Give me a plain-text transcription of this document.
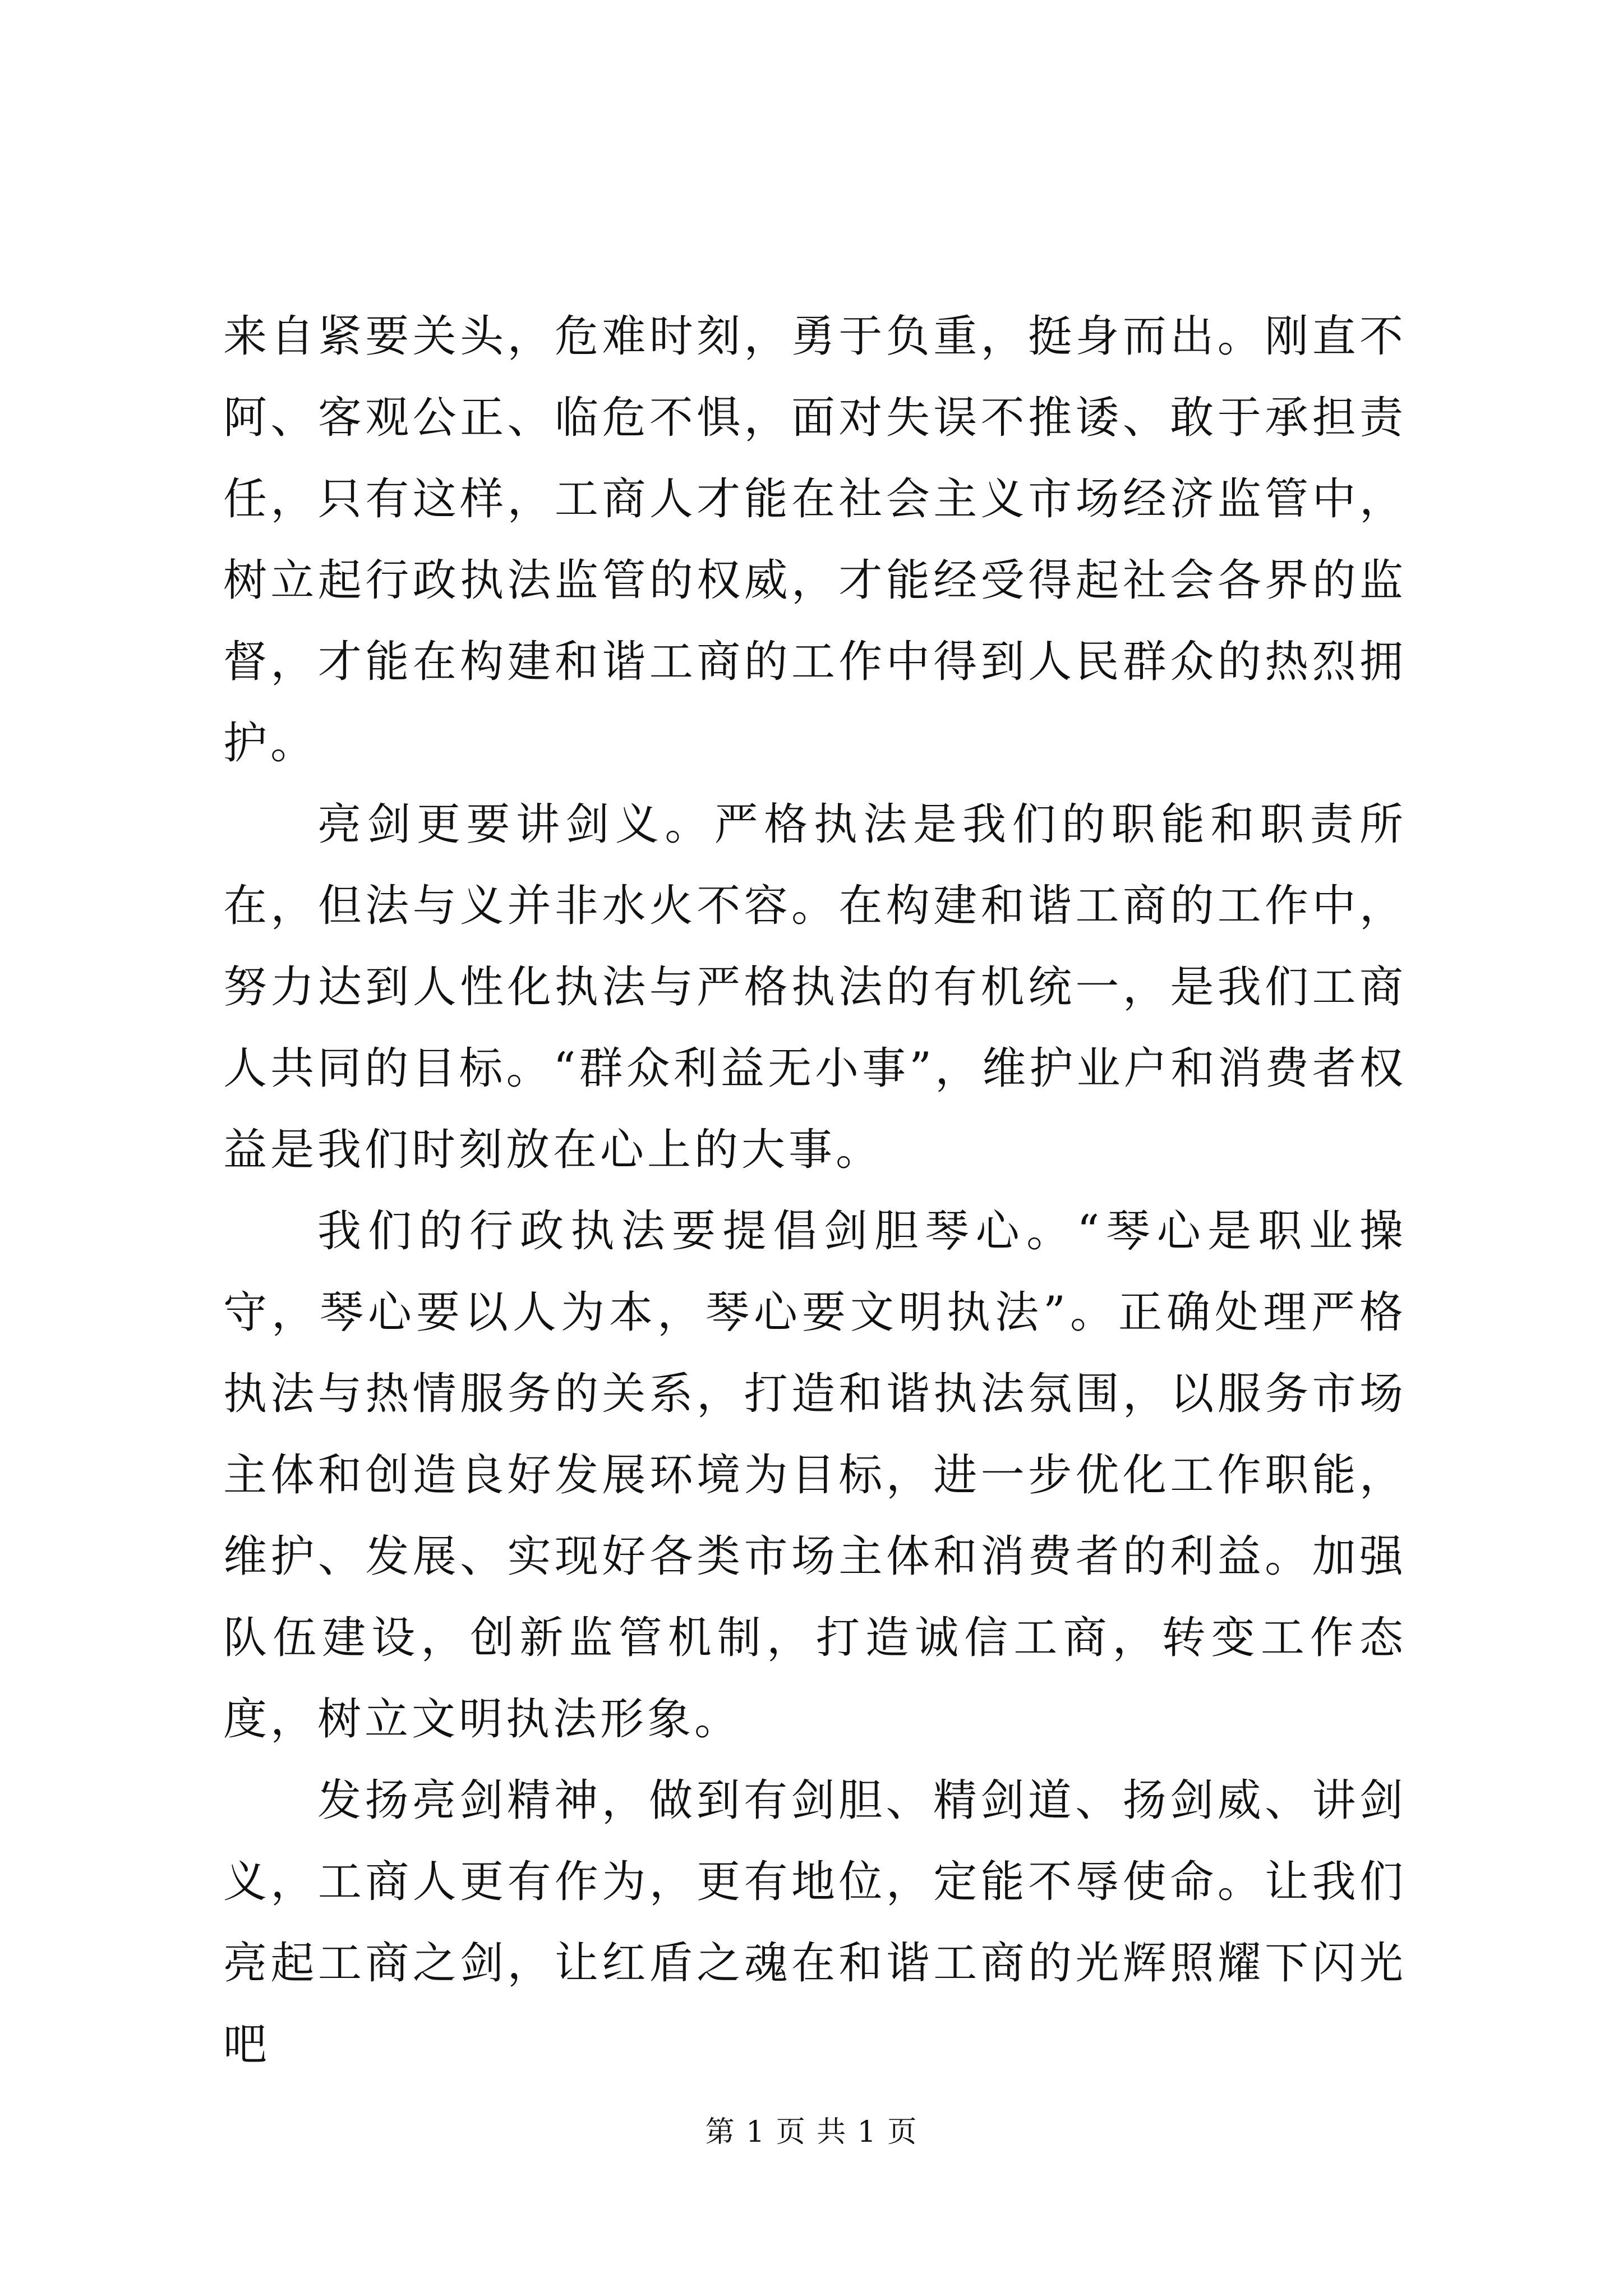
来自紧要关头，危难时刻，勇于负重，挺身而出。刚直不阿、客观公正、临危不惧，面对失误不推诿、敢于承担责任，只有这样，工商人才能在社会主义市场经济监管中，树立起行政执法监管的权威，才能经受得起社会各界的监督，才能在构建和谐工商的工作中得到人民群众的热烈拥护。

亮剑更要讲剑义。严格执法是我们的职能和职责所在，但法与义并非水火不容。在构建和谐工商的工作中，努力达到人性化执法与严格执法的有机统一，是我们工商人共同的目标。“群众利益无小事”，维护业户和消费者权益是我们时刻放在心上的大事。

我们的行政执法要提倡剑胆琴心。“琴心是职业操守，琴心要以人为本，琴心要文明执法”。正确处理严格执法与热情服务的关系，打造和谐执法氛围，以服务市场主体和创造良好发展环境为目标，进一步优化工作职能，维护、发展、实现好各类市场主体和消费者的利益。加强队伍建设，创新监管机制，打造诚信工商，转变工作态度，树立文明执法形象。

发扬亮剑精神，做到有剑胆、精剑道、扬剑威、讲剑义，工商人更有作为，更有地位，定能不辱使命。让我们亮起工商之剑，让红盾之魂在和谐工商的光辉照耀下闪光吧

第 1 页 共 1 页
